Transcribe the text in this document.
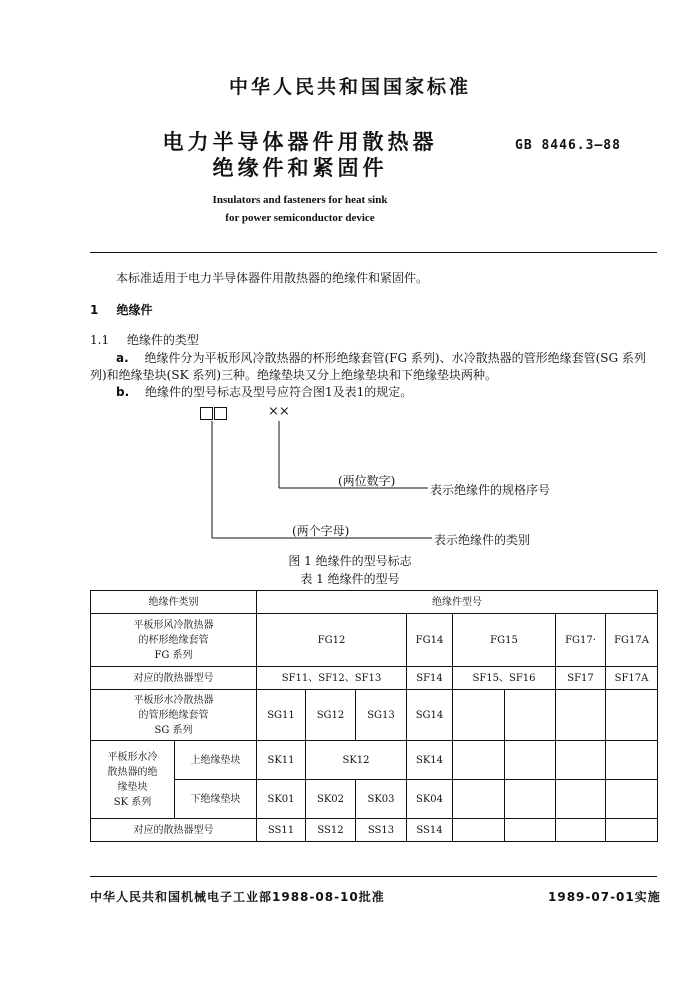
中华人民共和国国家标准
电力半导体器件用散热器
绝缘件和紧固件
GB 8446.3—88
Insulators and fasteners for heat sink
for power semiconductor device
本标准适用于电力半导体器件用散热器的绝缘件和紧固件。
1 绝缘件
1.1 绝缘件的类型
a. 绝缘件分为平板形风冷散热器的杯形绝缘套管(FG 系列)、水冷散热器的管形绝缘套管(SG 系列
列)和绝缘垫块(SK 系列)三种。绝缘垫块又分上绝缘垫块和下绝缘垫块两种。
b. 绝缘件的型号标志及型号应符合图1及表1的规定。
××
(两位数字)
表示绝缘件的规格序号
(两个字母)
表示绝缘件的类别
图 1 绝缘件的型号标志
表 1 绝缘件的型号
绝缘件类别		绝缘件型号							

平板形风冷散热器
的杯形绝缘套管
FG 系列		FG12			FG14	FG15		FG17·	FG17A
对应的散热器型号		SF11、SF12、SF13			SF14	SF15、SF16		SF17	SF17A

平板形水冷散热器
的管形绝缘套管
SG 系列		SG11	SG12	SG13	SG14				

平板形水冷
散热器的绝
缘垫块
SK 系列	上绝缘垫块	SK11	SK12		SK14				
	下绝缘垫块	SK01	SK02	SK03	SK04				
对应的散热器型号		SS11	SS12	SS13	SS14				
中华人民共和国机械电子工业部1988-08-10批准	1989-07-01实施
